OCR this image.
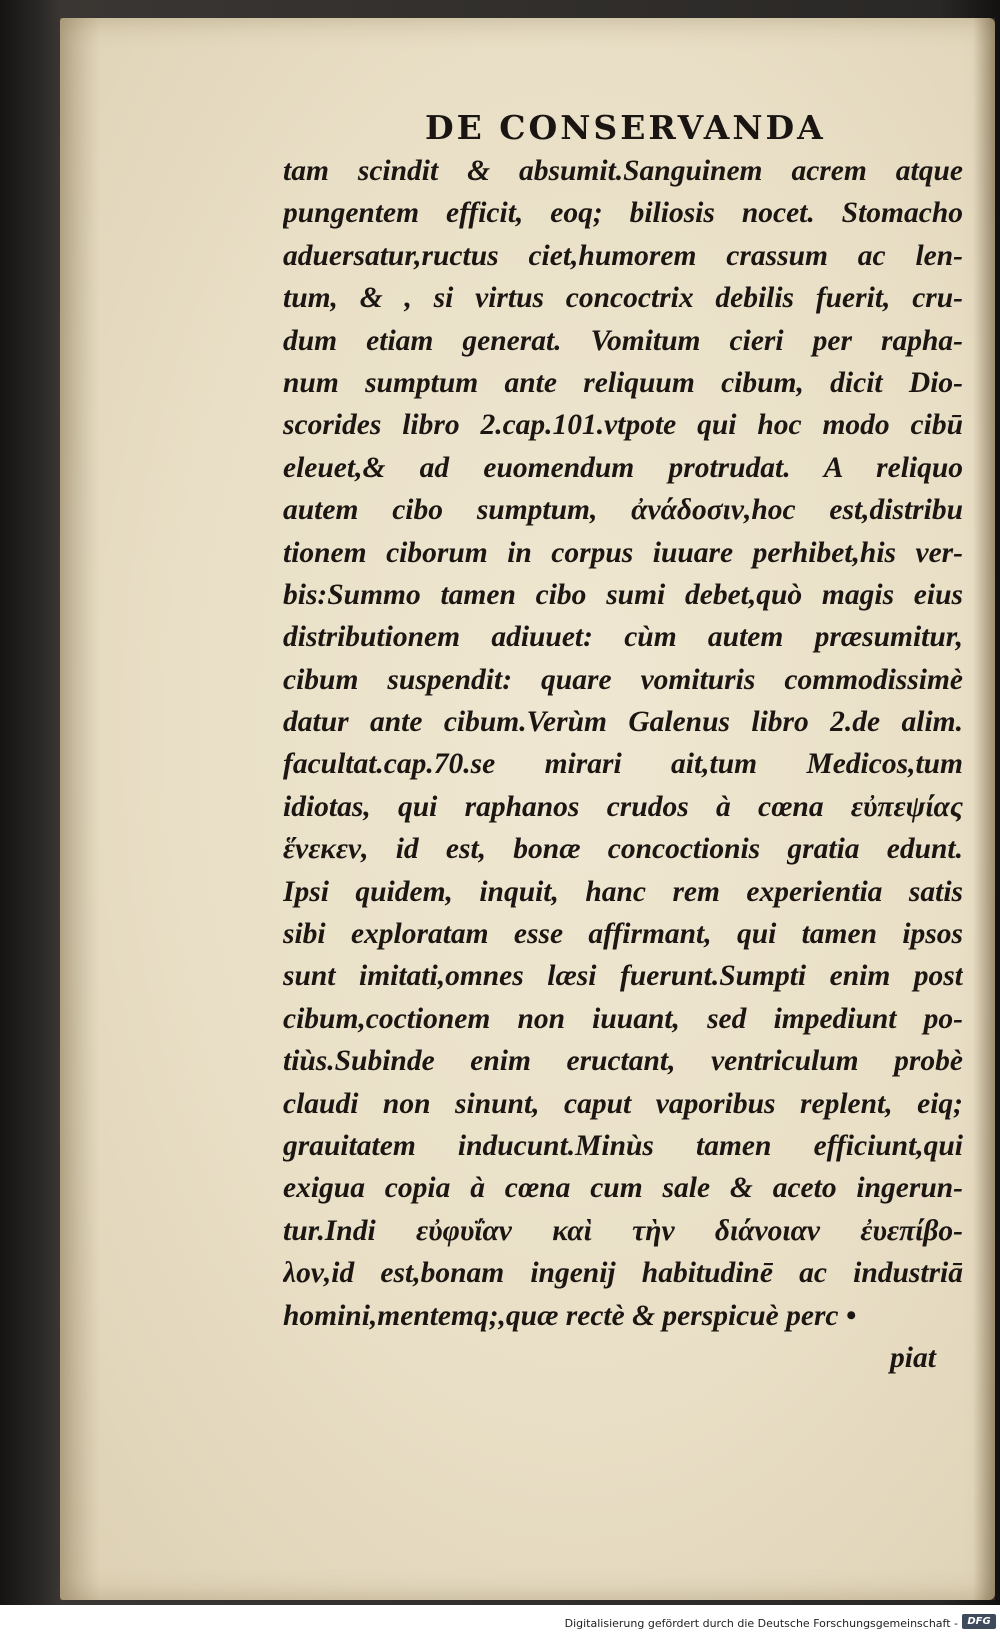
DE CONSERVANDA
tam scindit & absumit.Sanguinem acrem atque
pungentem efficit, eoq; biliosis nocet. Stomacho
aduersatur,ructus ciet,humorem crassum ac len-
tum, & , si virtus concoctrix debilis fuerit, cru-
dum etiam generat. Vomitum cieri per rapha-
num sumptum ante reliquum cibum, dicit Dio-
scorides libro 2.cap.101.vtpote qui hoc modo cibū
eleuet,& ad euomendum protrudat. A reliquo
autem cibo sumptum, ἀνάδοσιν,hoc est,distribu
tionem ciborum in corpus iuuare perhibet,his ver-
bis:Summo tamen cibo sumi debet,quò magis eius
distributionem adiuuet: cùm autem præsumitur,
cibum suspendit: quare vomituris commodissimè
datur ante cibum.Verùm Galenus libro 2.de alim.
facultat.cap.70.se mirari ait,tum Medicos,tum
idiotas, qui raphanos crudos à cœna εὐπεψίας
ἕνεκεν, id est, bonæ concoctionis gratia edunt.
Ipsi quidem, inquit, hanc rem experientia satis
sibi exploratam esse affirmant, qui tamen ipsos
sunt imitati,omnes læsi fuerunt.Sumpti enim post
cibum,coctionem non iuuant, sed impediunt po-
tiùs.Subinde enim eructant, ventriculum probè
claudi non sinunt, caput vaporibus replent, eiq;
grauitatem inducunt.Minùs tamen efficiunt,qui
exigua copia à cœna cum sale & aceto ingerun-
tur.Indi εὐφυΐαν καὶ τὴν διάνοιαν ἐυεπίβο-
λον,id est,bonam ingenij habitudinē ac industriā
homini,mentemq;,quæ rectè & perspicuè perc •
piat
Digitalisierung gefördert durch die Deutsche Forschungsgemeinschaft - DFG
